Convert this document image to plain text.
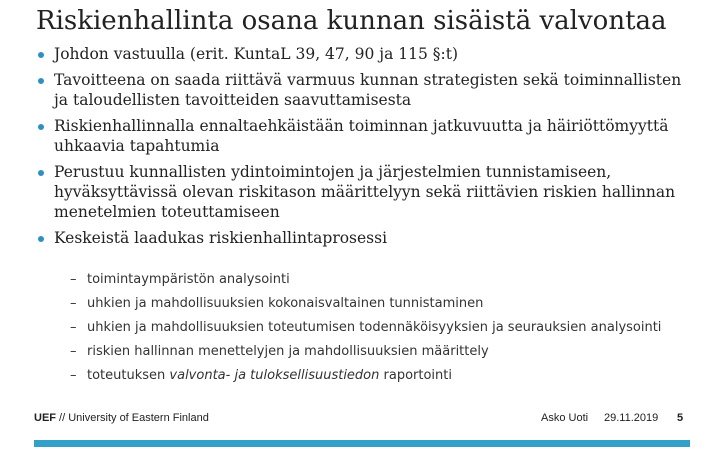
Riskienhallinta osana kunnan sisäistä valvontaa
Johdon vastuulla (erit. KuntaL 39, 47, 90 ja 115 §:t)
Tavoitteena on saada riittävä varmuus kunnan strategisten sekä toiminnallisten ja taloudellisten tavoitteiden saavuttamisesta
Riskienhallinnalla ennaltaehkäistään toiminnan jatkuvuutta ja häiriöttömyyttä uhkaavia tapahtumia
Perustuu kunnallisten ydintoimintojen ja järjestelmien tunnistamiseen, hyväksyttävissä olevan riskitason määrittelyyn sekä riittävien riskien hallinnan menetelmien toteuttamiseen
Keskeistä laadukas riskienhallintaprosessi
– toimintaympäristön analysointi
– uhkien ja mahdollisuuksien kokonaisvaltainen tunnistaminen
– uhkien ja mahdollisuuksien toteutumisen todennäköisyyksien ja seurauksien analysointi
– riskien hallinnan menettelyjen ja mahdollisuuksien määrittely
– toteutuksen valvonta- ja tuloksellisuustiedon raportointi
UEF // University of Eastern Finland	Asko Uoti 29.11.2019 5
